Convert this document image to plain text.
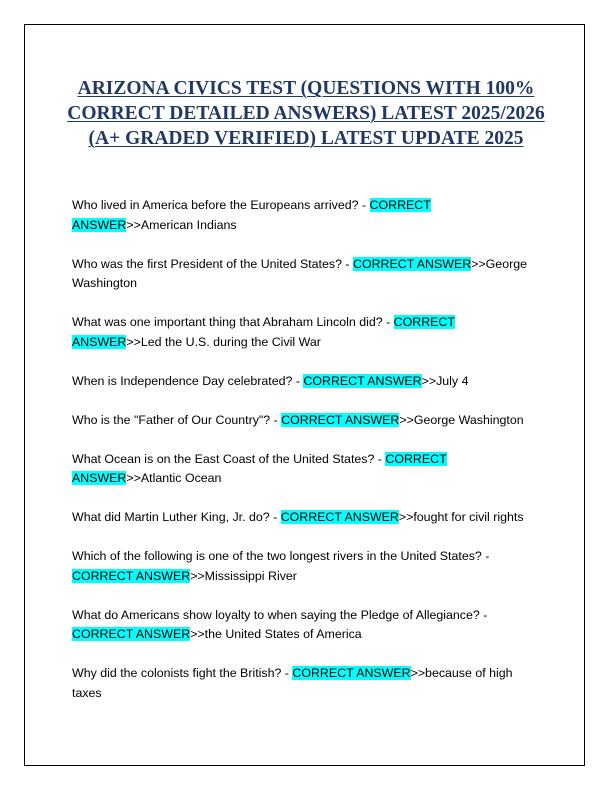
ARIZONA CIVICS TEST (QUESTIONS WITH 100% CORRECT DETAILED ANSWERS) LATEST 2025/2026 (A+ GRADED VERIFIED) LATEST UPDATE 2025

Who lived in America before the Europeans arrived? - CORRECT ANSWER>>American Indians

Who was the first President of the United States? - CORRECT ANSWER>>George Washington

What was one important thing that Abraham Lincoln did? - CORRECT ANSWER>>Led the U.S. during the Civil War

When is Independence Day celebrated? - CORRECT ANSWER>>July 4

Who is the "Father of Our Country"? - CORRECT ANSWER>>George Washington

What Ocean is on the East Coast of the United States? - CORRECT ANSWER>>Atlantic Ocean

What did Martin Luther King, Jr. do? - CORRECT ANSWER>>fought for civil rights

Which of the following is one of the two longest rivers in the United States? - CORRECT ANSWER>>Mississippi River

What do Americans show loyalty to when saying the Pledge of Allegiance? - CORRECT ANSWER>>the United States of America

Why did the colonists fight the British? - CORRECT ANSWER>>because of high taxes
